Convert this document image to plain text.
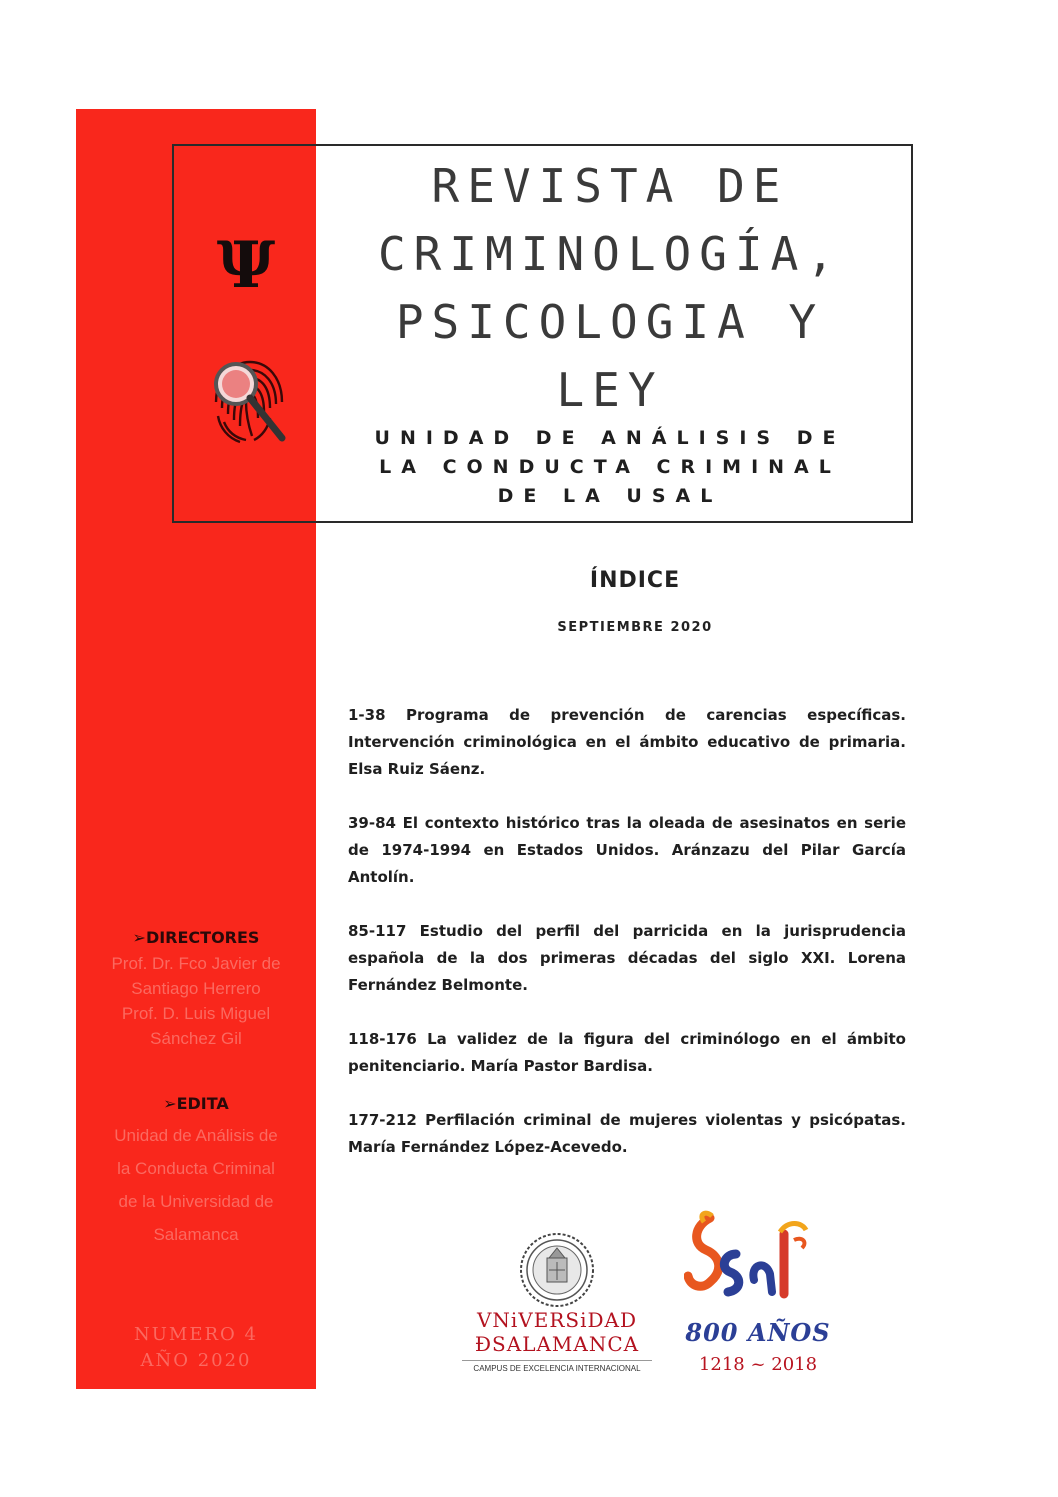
Ψ
REVISTA DE
CRIMINOLOGÍA,
PSICOLOGIA Y
LEY
UNIDAD DE ANÁLISIS DE
LA CONDUCTA CRIMINAL
DE LA USAL
ÍNDICE
SEPTIEMBRE 2020
1-38 Programa de prevención de carencias específicas. Intervención criminológica en el ámbito educativo de primaria. Elsa Ruiz Sáenz.
39-84 El contexto histórico tras la oleada de asesinatos en serie de 1974-1994 en Estados Unidos. Aránzazu del Pilar García Antolín.
85-117 Estudio del perfil del parricida en la jurisprudencia española de la dos primeras décadas del siglo XXI. Lorena Fernández Belmonte.
118-176 La validez de la figura del criminólogo en el ámbito penitenciario. María Pastor Bardisa.
177-212 Perfilación criminal de mujeres violentas y psicópatas. María Fernández López-Acevedo.

➢DIRECTORES

Prof. Dr. Fco Javier de
Santiago Herrero
Prof. D. Luis Miguel
Sánchez Gil

➢EDITA

Unidad de Análisis de
la Conducta Criminal
de la Universidad de
Salamanca

NUMERO 4
AÑO 2020

VNiVERSiDAD
ÐSALAMANCA

CAMPUS DE EXCELENCIA INTERNACIONAL
800 AÑOS
1218 ~ 2018
